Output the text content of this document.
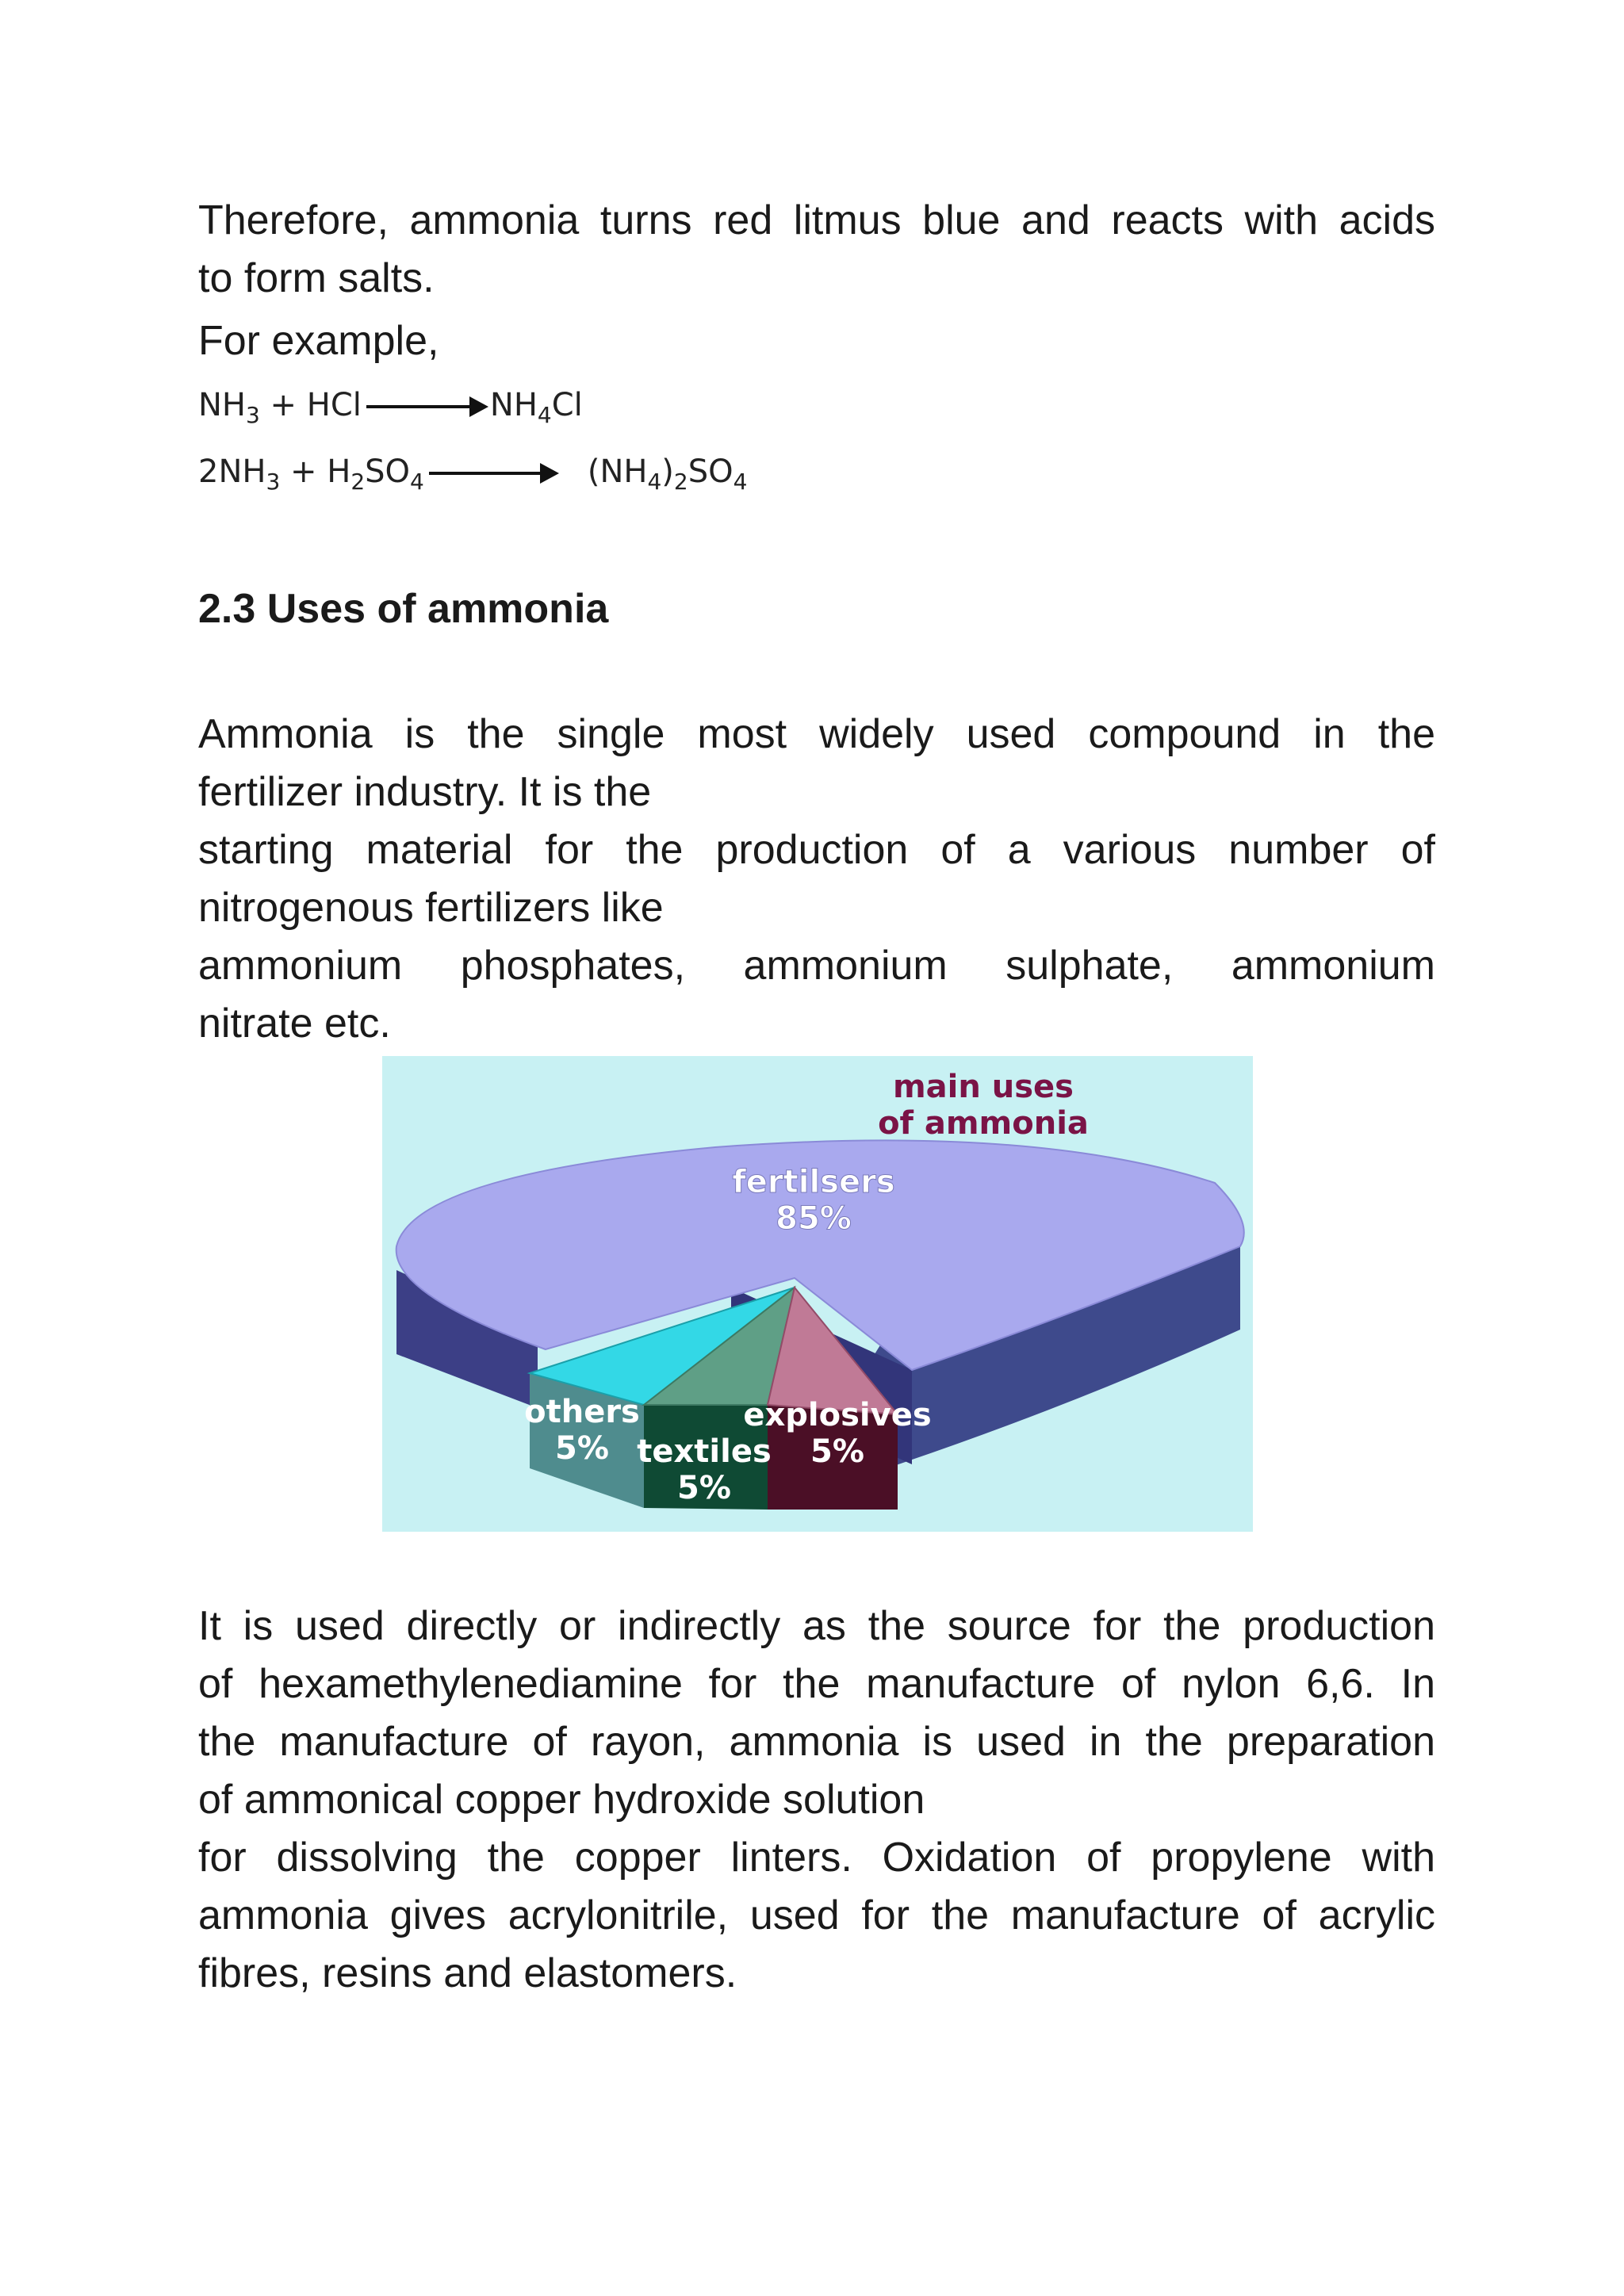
Therefore, ammonia turns red litmus blue and reacts with acids
to form salts.

For example,

$NH_3$ + HCl	$NH_4Cl$
$2NH_3 + H_2SO_4$	$(NH_4)_2SO_4$

2.3 Uses of ammonia

Ammonia is the single most widely used compound in the
fertilizer industry. It is the
starting material for the production of a various number of
nitrogenous fertilizers like
ammonium phosphates, ammonium sulphate, ammonium
nitrate etc.

main uses
of ammonia
fertilsers
85%
others
5% textiles
5%
explosives
5%

It is used directly or indirectly as the source for the production
of hexamethylenediamine for the manufacture of nylon 6,6. In
the manufacture of rayon, ammonia is used in the preparation
of ammonical copper hydroxide solution
for dissolving the copper linters. Oxidation of propylene with
ammonia gives acrylonitrile, used for the manufacture of acrylic
fibres, resins and elastomers.
